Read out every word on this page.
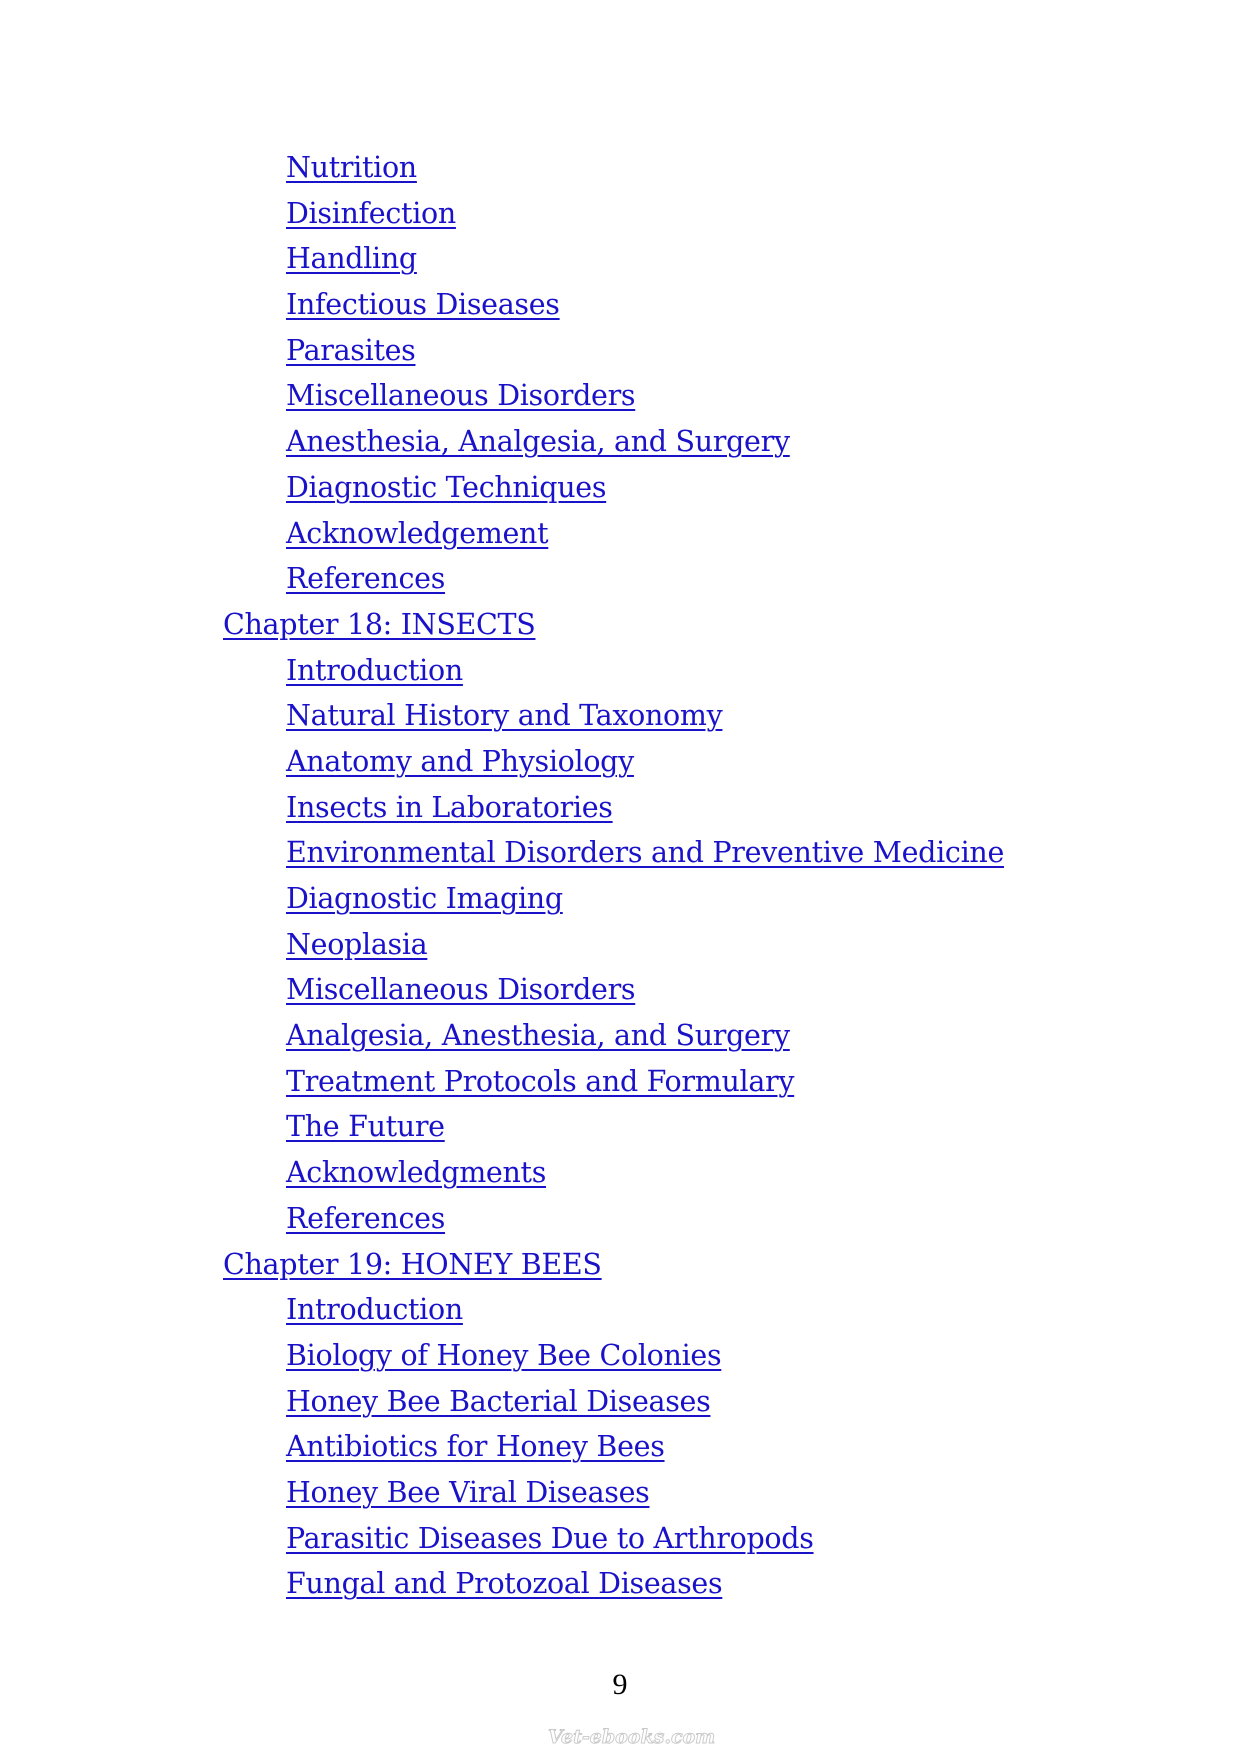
Nutrition
Disinfection
Handling
Infectious Diseases
Parasites
Miscellaneous Disorders
Anesthesia, Analgesia, and Surgery
Diagnostic Techniques
Acknowledgement
References
Chapter 18: INSECTS
Introduction
Natural History and Taxonomy
Anatomy and Physiology
Insects in Laboratories
Environmental Disorders and Preventive Medicine
Diagnostic Imaging
Neoplasia
Miscellaneous Disorders
Analgesia, Anesthesia, and Surgery
Treatment Protocols and Formulary
The Future
Acknowledgments
References
Chapter 19: HONEY BEES
Introduction
Biology of Honey Bee Colonies
Honey Bee Bacterial Diseases
Antibiotics for Honey Bees
Honey Bee Viral Diseases
Parasitic Diseases Due to Arthropods
Fungal and Protozoal Diseases
9
Vet-ebooks.com
